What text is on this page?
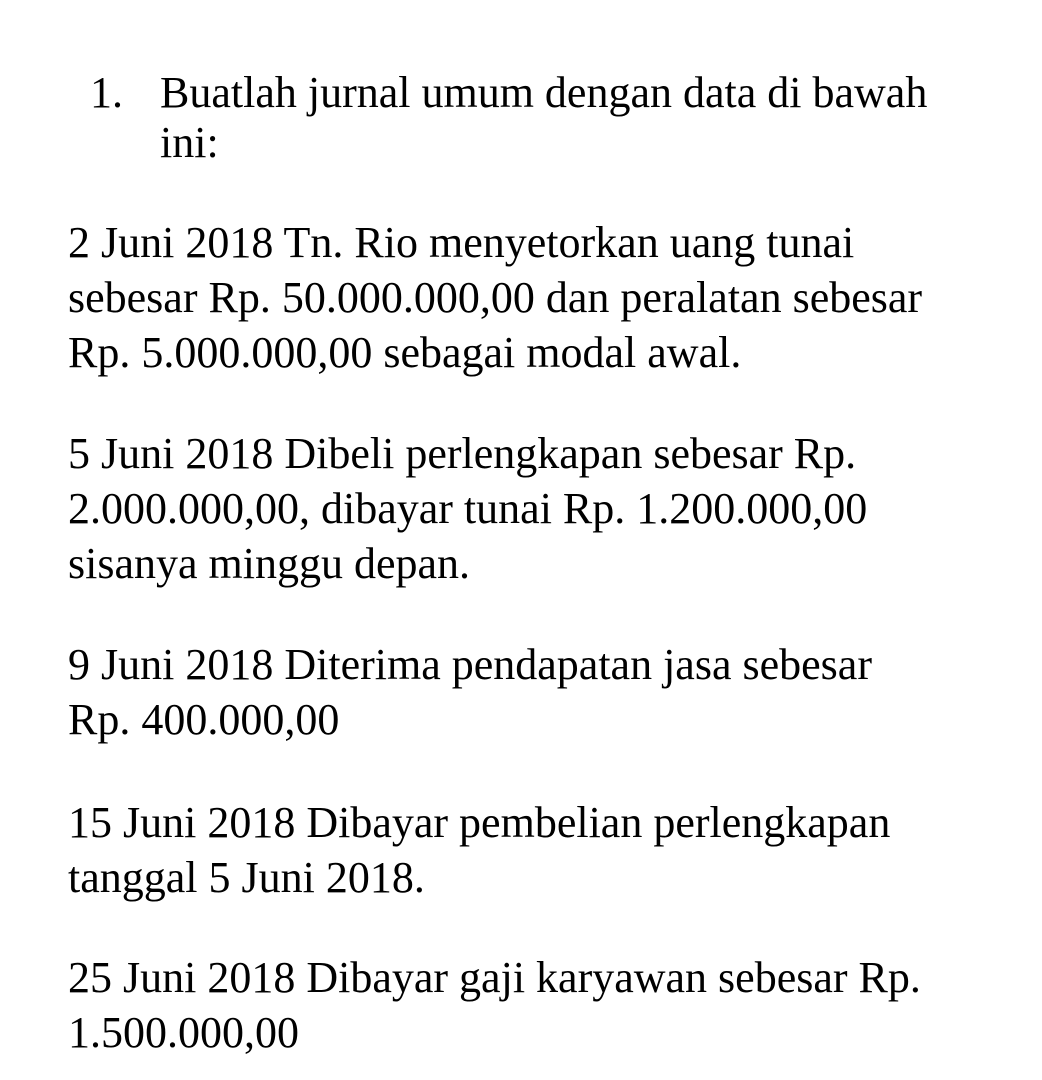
1. Buatlah jurnal umum dengan data di bawah
ini:

2 Juni 2018 Tn. Rio menyetorkan uang tunai
sebesar Rp. 50.000.000,00 dan peralatan sebesar
Rp. 5.000.000,00 sebagai modal awal.

5 Juni 2018 Dibeli perlengkapan sebesar Rp.
2.000.000,00, dibayar tunai Rp. 1.200.000,00
sisanya minggu depan.

9 Juni 2018 Diterima pendapatan jasa sebesar
Rp. 400.000,00

15 Juni 2018 Dibayar pembelian perlengkapan
tanggal 5 Juni 2018.

25 Juni 2018 Dibayar gaji karyawan sebesar Rp.
1.500.000,00
